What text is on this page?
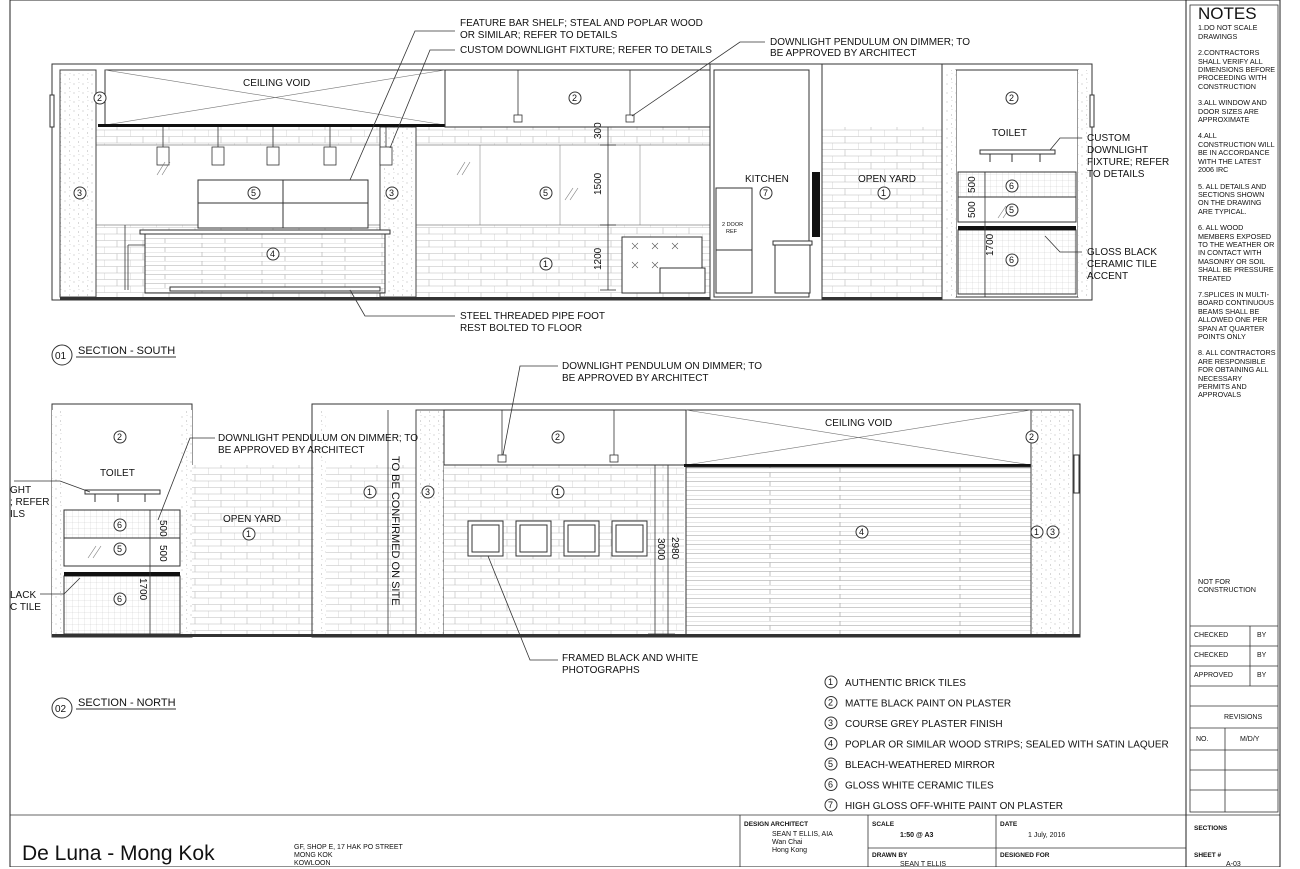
300
1500
1200
500
500
1700
CEILING VOID
KITCHEN	OPEN YARD
TOILET
2 DOOR
REF
2
3	5	3
4
2
5
1
7	1
2
6
5
6
FEATURE BAR SHELF; STEAL AND POPLAR WOOD
OR SIMILAR; REFER TO DETAILS
CUSTOM DOWNLIGHT FIXTURE; REFER TO DETAILS
DOWNLIGHT PENDULUM ON DIMMER; TO
BE APPROVED BY ARCHITECT
STEEL THREADED PIPE FOOT
REST BOLTED TO FLOOR
CUSTOM
DOWNLIGHT
FIXTURE; REFER
TO DETAILS
GLOSS BLACK
CERAMIC TILE
ACCENT
01 SECTION - SOUTH
500
500
1700
3000 2980
TO BE CONFIRMED ON SITE
TOILET
OPEN YARD
CEILING VOID
2
6
5
6
1
1	3
2
1
4
2
1 3
DOWNLIGHT PENDULUM ON DIMMER; TO
BE APPROVED BY ARCHITECT
DOWNLIGHT PENDULUM ON DIMMER; TO
BE APPROVED BY ARCHITECT
FRAMED BLACK AND WHITE
PHOTOGRAPHS
GHT
; REFER
ILS
LACK
C TILE
02
SECTION - NORTH
1 AUTHENTIC BRICK TILES
2 MATTE BLACK PAINT ON PLASTER
3 COURSE GREY PLASTER FINISH
4 POPLAR OR SIMILAR WOOD STRIPS; SEALED WITH SATIN LAQUER
5 BLEACH-WEATHERED MIRROR
6 GLOSS WHITE CERAMIC TILES
7 HIGH GLOSS OFF-WHITE PAINT ON PLASTER
NOTES

1.DO NOT SCALE DRAWINGS

2.CONTRACTORS SHALL VERIFY ALL DIMENSIONS BEFORE PROCEEDING WITH CONSTRUCTION

3.ALL WINDOW AND DOOR SIZES ARE APPROXIMATE

4.ALL CONSTRUCTION WILL BE IN ACCORDANCE WITH THE LATEST 2006 IRC

5. ALL DETAILS AND SECTIONS SHOWN ON THE DRAWING ARE TYPICAL.

6. ALL WOOD MEMBERS EXPOSED TO THE WEATHER OR IN CONTACT WITH MASONRY OR SOIL SHALL BE PRESSURE TREATED

7.SPLICES IN MULTI-BOARD CONTINUOUS BEAMS SHALL BE ALLOWED ONE PER SPAN AT QUARTER POINTS ONLY

8. ALL CONTRACTORS ARE RESPONSIBLE FOR OBTAINING ALL NECESSARY PERMITS AND APPROVALS

NOT FOR CONSTRUCTION
CHECKED	BY
CHECKED	BY
APPROVED	BY
REVISIONS
NO.	M/D/Y
De Luna - Mong Kok	GF, SHOP E, 17 HAK PO STREET
MONG KOK
KOWLOON
DESIGN ARCHITECT
SEAN T ELLIS, AIA
Wan Chai
Hong Kong
SCALE
1:50 @ A3
DATE
1 July, 2016
DRAWN BY
SEAN T ELLIS
DESIGNED FOR
SECTIONS
SHEET #
A-03
